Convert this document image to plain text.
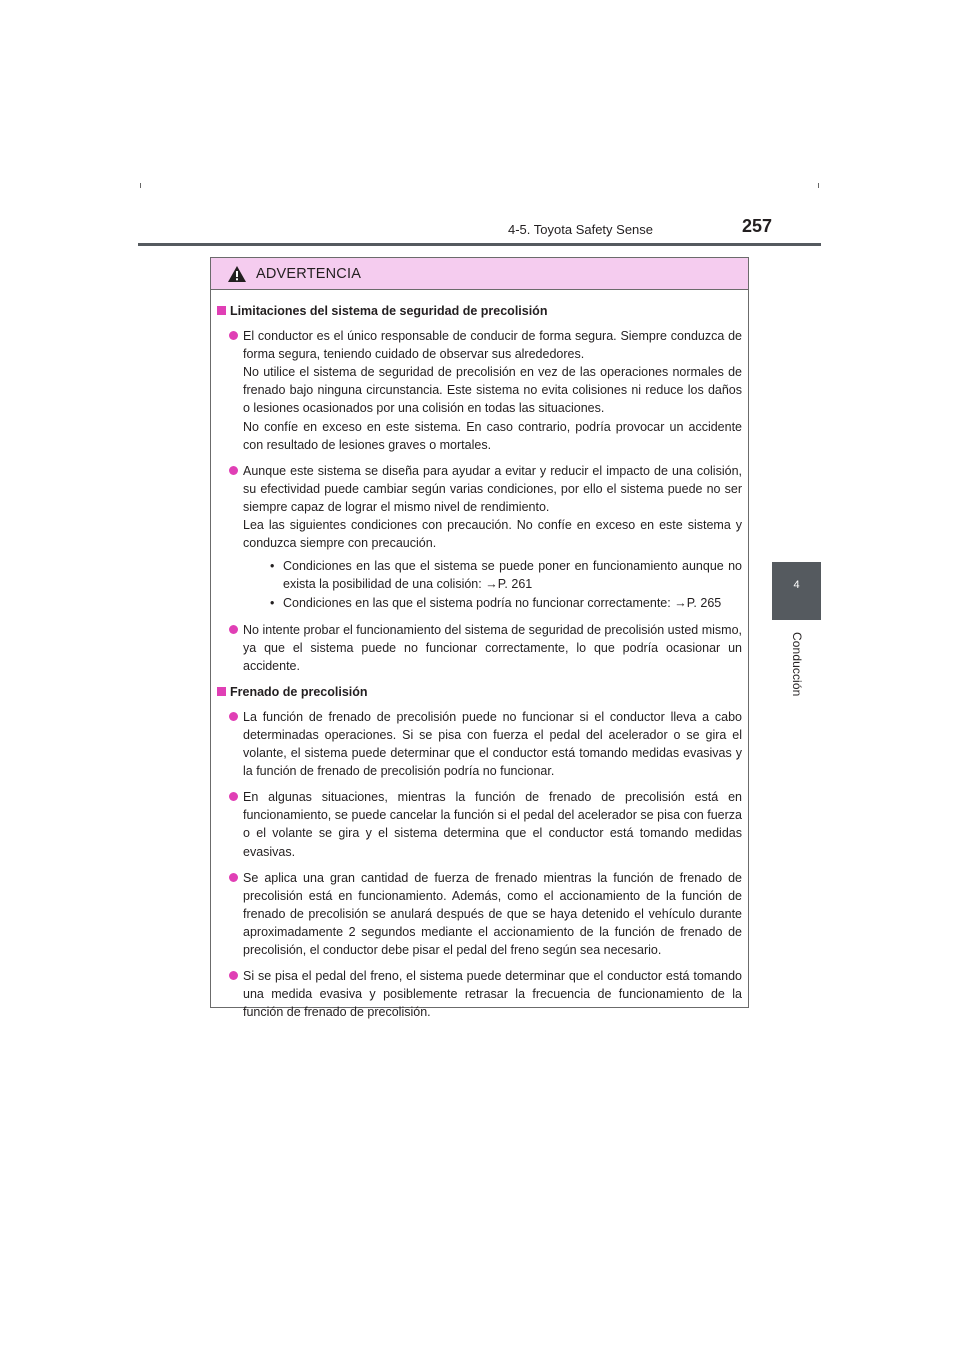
4-5. Toyota Safety Sense	257
4
Conducción
ADVERTENCIA
Limitaciones del sistema de seguridad de precolisión

El conductor es el único responsable de conducir de forma segura. Siempre conduzca de forma segura, teniendo cuidado de observar sus alrededores.

No utilice el sistema de seguridad de precolisión en vez de las operaciones normales de frenado bajo ninguna circunstancia. Este sistema no evita colisiones ni reduce los daños o lesiones ocasionados por una colisión en todas las situaciones.

No confíe en exceso en este sistema. En caso contrario, podría provocar un accidente con resultado de lesiones graves o mortales.

Aunque este sistema se diseña para ayudar a evitar y reducir el impacto de una colisión, su efectividad puede cambiar según varias condiciones, por ello el sistema puede no ser siempre capaz de lograr el mismo nivel de rendimiento.

Lea las siguientes condiciones con precaución. No confíe en exceso en este sistema y conduzca siempre con precaución.

• Condiciones en las que el sistema se puede poner en funcionamiento aunque no exista la posibilidad de una colisión: →P. 261
• Condiciones en las que el sistema podría no funcionar correctamente: →P. 265

No intente probar el funcionamiento del sistema de seguridad de precolisión usted mismo, ya que el sistema puede no funcionar correctamente, lo que podría ocasionar un accidente.

Frenado de precolisión

La función de frenado de precolisión puede no funcionar si el conductor lleva a cabo determinadas operaciones. Si se pisa con fuerza el pedal del acelerador o se gira el volante, el sistema puede determinar que el conductor está tomando medidas evasivas y la función de frenado de precolisión podría no funcionar.

En algunas situaciones, mientras la función de frenado de precolisión está en funcionamiento, se puede cancelar la función si el pedal del acelerador se pisa con fuerza o el volante se gira y el sistema determina que el conductor está tomando medidas evasivas.

Se aplica una gran cantidad de fuerza de frenado mientras la función de frenado de precolisión está en funcionamiento. Además, como el accionamiento de la función de frenado de precolisión se anulará después de que se haya detenido el vehículo durante aproximadamente 2 segundos mediante el accionamiento de la función de frenado de precolisión, el conductor debe pisar el pedal del freno según sea necesario.

Si se pisa el pedal del freno, el sistema puede determinar que el conductor está tomando una medida evasiva y posiblemente retrasar la frecuencia de funcionamiento de la función de frenado de precolisión.
